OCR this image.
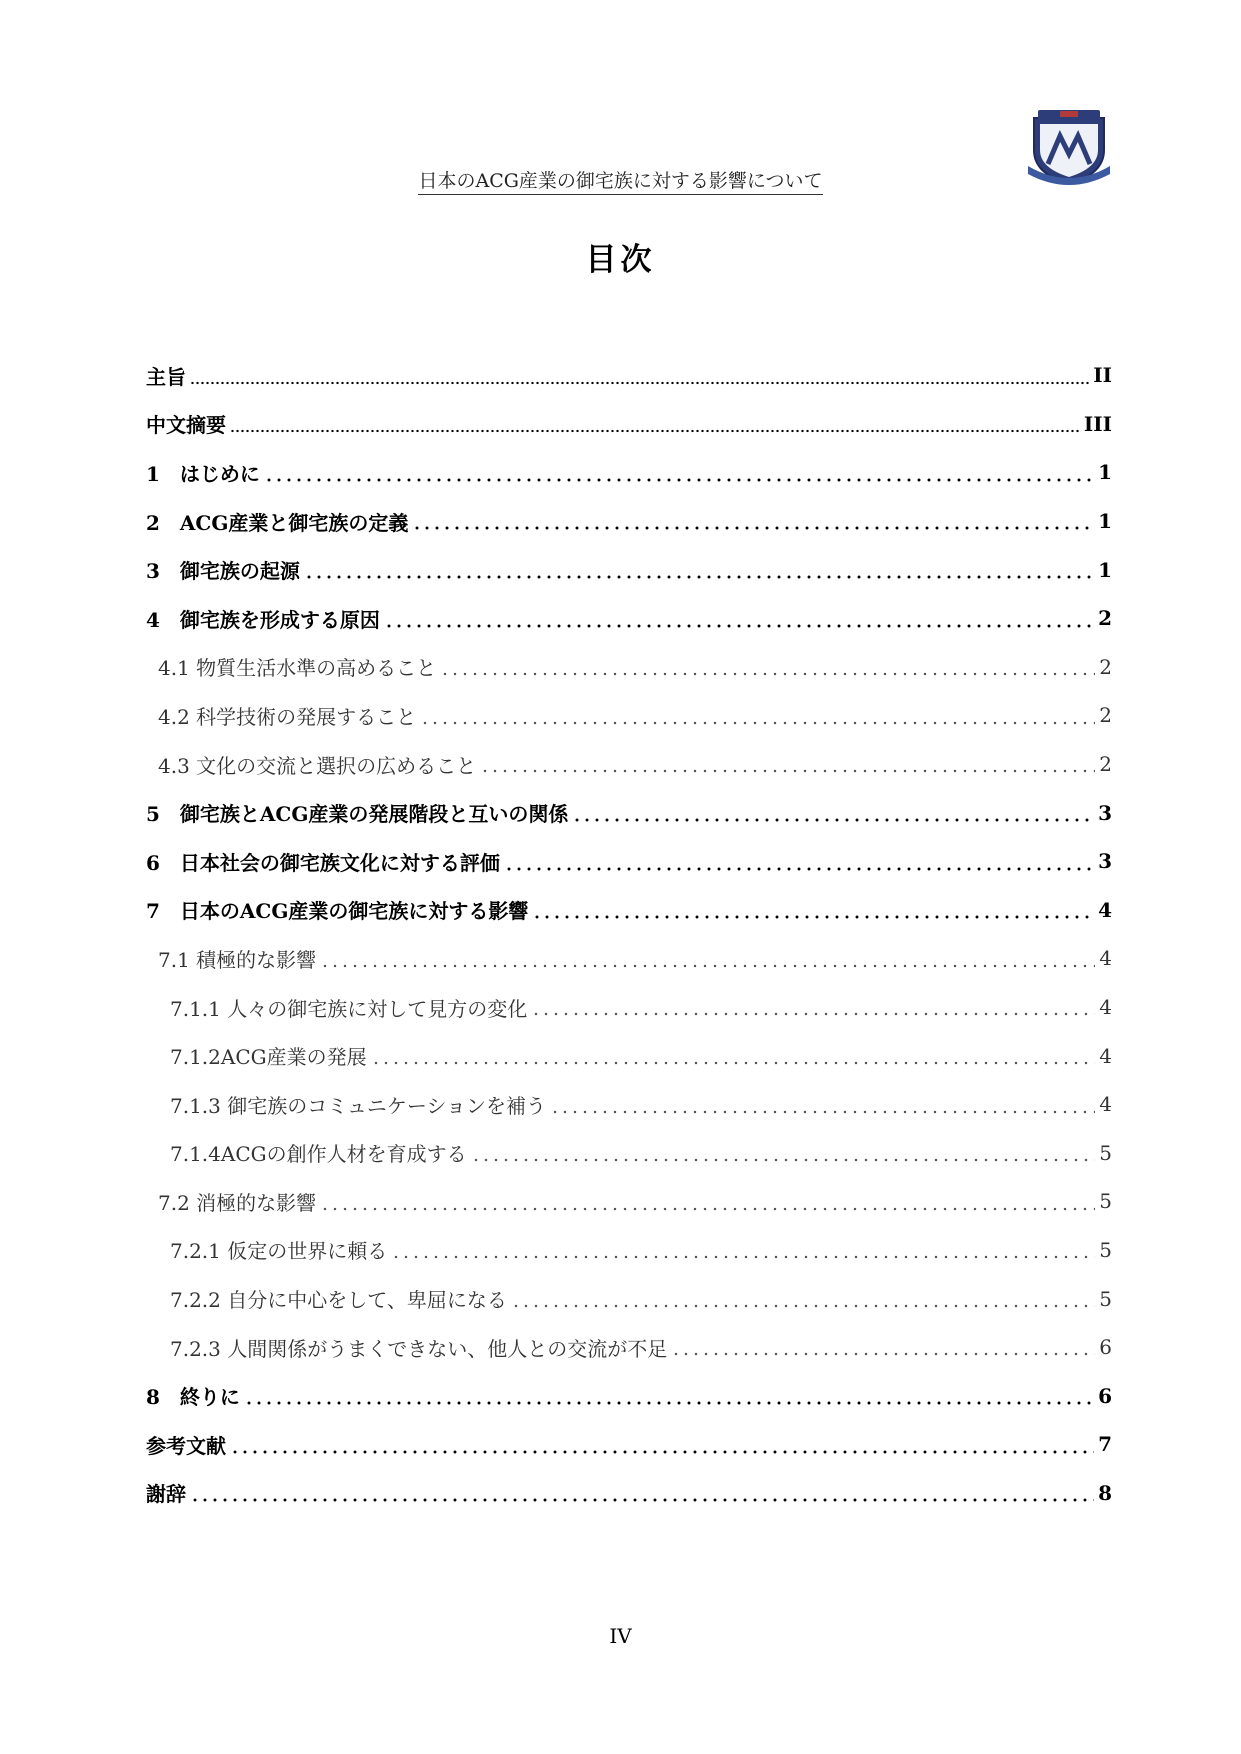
日本のACG産業の御宅族に対する影響について
目次
主旨	II
中文摘要	III
1　はじめに	1
2　ACG産業と御宅族の定義	1
3　御宅族の起源	1
4　御宅族を形成する原因	2
4.1 物質生活水準の高めること	2
4.2 科学技術の発展すること	2
4.3 文化の交流と選択の広めること	2
5　御宅族とACG産業の発展階段と互いの関係	3
6　日本社会の御宅族文化に対する評価	3
7　日本のACG産業の御宅族に対する影響	4
7.1 積極的な影響	4
7.1.1 人々の御宅族に対して見方の変化	4
7.1.2ACG産業の発展	4
7.1.3 御宅族のコミュニケーションを補う	4
7.1.4ACGの創作人材を育成する	5
7.2 消極的な影響	5
7.2.1 仮定の世界に頼る	5
7.2.2 自分に中心をして、卑屈になる	5
7.2.3 人間関係がうまくできない、他人との交流が不足	6
8　終りに	6
参考文献	7
謝辞	8
IV
